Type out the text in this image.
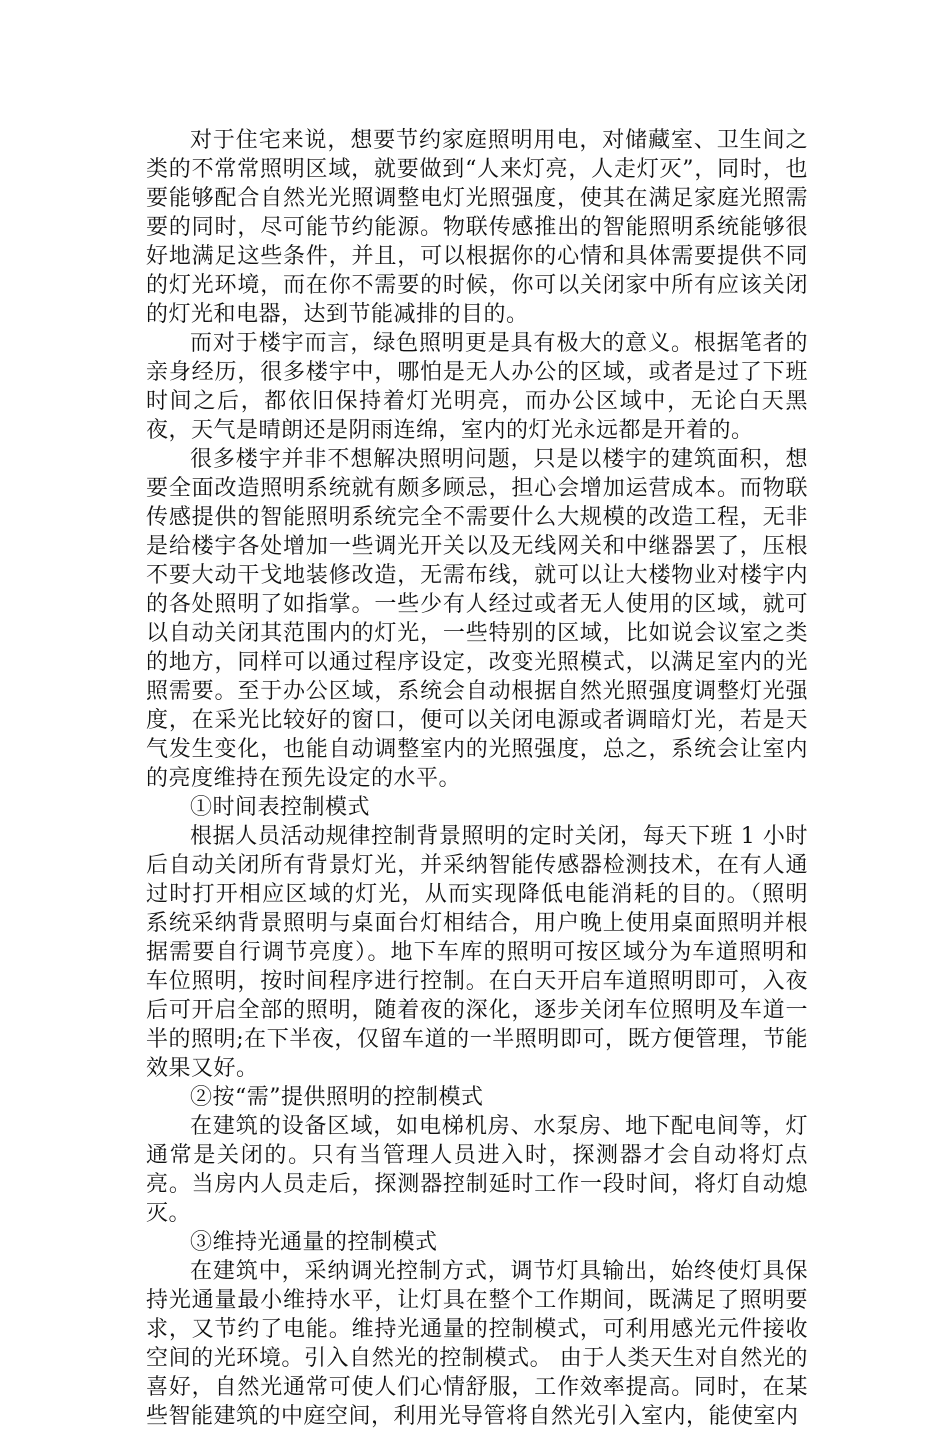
对于住宅来说，想要节约家庭照明用电，对储藏室、卫生间之类的不常常照明区域，就要做到“人来灯亮，人走灯灭”，同时，也要能够配合自然光光照调整电灯光照强度，使其在满足家庭光照需要的同时，尽可能节约能源。物联传感推出的智能照明系统能够很好地满足这些条件，并且，可以根据你的心情和具体需要提供不同的灯光环境，而在你不需要的时候，你可以关闭家中所有应该关闭的灯光和电器，达到节能减排的目的。

而对于楼宇而言，绿色照明更是具有极大的意义。根据笔者的亲身经历，很多楼宇中，哪怕是无人办公的区域，或者是过了下班时间之后，都依旧保持着灯光明亮，而办公区域中，无论白天黑夜，天气是晴朗还是阴雨连绵，室内的灯光永远都是开着的。

很多楼宇并非不想解决照明问题，只是以楼宇的建筑面积，想要全面改造照明系统就有颇多顾忌，担心会增加运营成本。而物联传感提供的智能照明系统完全不需要什么大规模的改造工程，无非是给楼宇各处增加一些调光开关以及无线网关和中继器罢了，压根不要大动干戈地装修改造，无需布线，就可以让大楼物业对楼宇内的各处照明了如指掌。一些少有人经过或者无人使用的区域，就可以自动关闭其范围内的灯光，一些特别的区域，比如说会议室之类的地方，同样可以通过程序设定，改变光照模式，以满足室内的光照需要。至于办公区域，系统会自动根据自然光照强度调整灯光强度，在采光比较好的窗口，便可以关闭电源或者调暗灯光，若是天气发生变化，也能自动调整室内的光照强度，总之，系统会让室内的亮度维持在预先设定的水平。

①时间表控制模式

根据人员活动规律控制背景照明的定时关闭，每天下班 1 小时后自动关闭所有背景灯光，并采纳智能传感器检测技术，在有人通过时打开相应区域的灯光，从而实现降低电能消耗的目的。（照明系统采纳背景照明与桌面台灯相结合，用户晚上使用桌面照明并根据需要自行调节亮度）。地下车库的照明可按区域分为车道照明和车位照明，按时间程序进行控制。在白天开启车道照明即可，入夜后可开启全部的照明，随着夜的深化，逐步关闭车位照明及车道一半的照明;在下半夜，仅留车道的一半照明即可，既方便管理，节能效果又好。

②按“需”提供照明的控制模式

在建筑的设备区域，如电梯机房、水泵房、地下配电间等，灯通常是关闭的。只有当管理人员进入时，探测器才会自动将灯点亮。当房内人员走后，探测器控制延时工作一段时间，将灯自动熄灭。

③维持光通量的控制模式

在建筑中，采纳调光控制方式，调节灯具输出，始终使灯具保持光通量最小维持水平，让灯具在整个工作期间，既满足了照明要求，又节约了电能。维持光通量的控制模式，可利用感光元件接收空间的光环境。引入自然光的控制模式。 由于人类天生对自然光的喜好，自然光通常可使人们心情舒服，工作效率提高。同时，在某些智能建筑的中庭空间，利用光导管将自然光引入室内，能使室内
